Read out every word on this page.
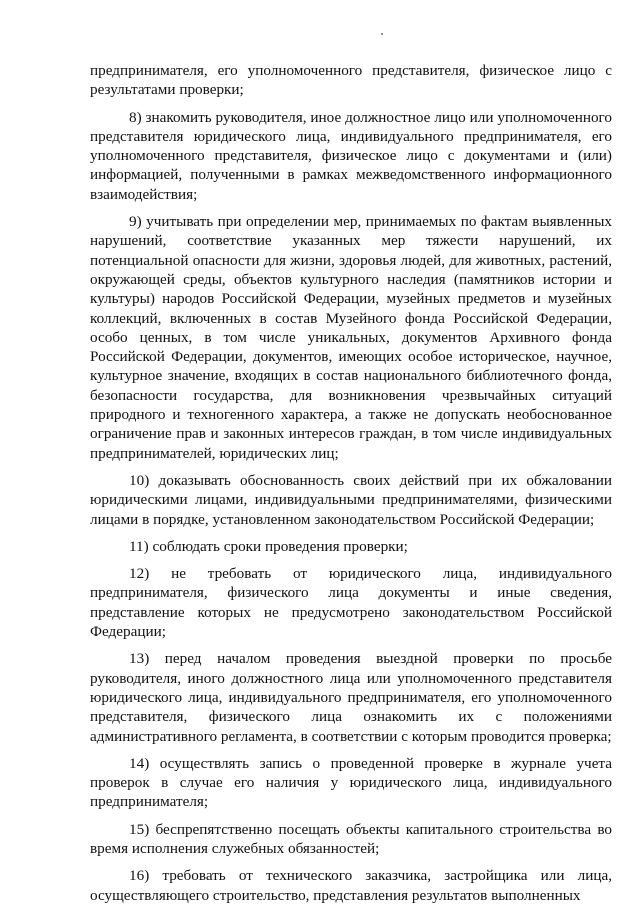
предпринимателя, его уполномоченного представителя, физическое лицо с результатами проверки;

8) знакомить руководителя, иное должностное лицо или уполномоченного представителя юридического лица, индивидуального предпринимателя, его уполномоченного представителя, физическое лицо с документами и (или) информацией, полученными в рамках межведомственного информационного взаимодействия;

9) учитывать при определении мер, принимаемых по фактам выявленных нарушений, соответствие указанных мер тяжести нарушений, их потенциальной опасности для жизни, здоровья людей, для животных, растений, окружающей среды, объектов культурного наследия (памятников истории и культуры) народов Российской Федерации, музейных предметов и музейных коллекций, включенных в состав Музейного фонда Российской Федерации, особо ценных, в том числе уникальных, документов Архивного фонда Российской Федерации, документов, имеющих особое историческое, научное, культурное значение, входящих в состав национального библиотечного фонда, безопасности государства, для возникновения чрезвычайных ситуаций природного и техногенного характера, а также не допускать необоснованное ограничение прав и законных интересов граждан, в том числе индивидуальных предпринимателей, юридических лиц;

10) доказывать обоснованность своих действий при их обжаловании юридическими лицами, индивидуальными предпринимателями, физическими лицами в порядке, установленном законодательством Российской Федерации;

11) соблюдать сроки проведения проверки;

12) не требовать от юридического лица, индивидуального предпринимателя, физического лица документы и иные сведения, представление которых не предусмотрено законодательством Российской Федерации;

13) перед началом проведения выездной проверки по просьбе руководителя, иного должностного лица или уполномоченного представителя юридического лица, индивидуального предпринимателя, его уполномоченного представителя, физического лица ознакомить их с положениями административного регламента, в соответствии с которым проводится проверка;

14) осуществлять запись о проведенной проверке в журнале учета проверок в случае его наличия у юридического лица, индивидуального предпринимателя;

15) беспрепятственно посещать объекты капитального строительства во время исполнения служебных обязанностей;

16) требовать от технического заказчика, застройщика или лица, осуществляющего строительство, представления результатов выполненных
